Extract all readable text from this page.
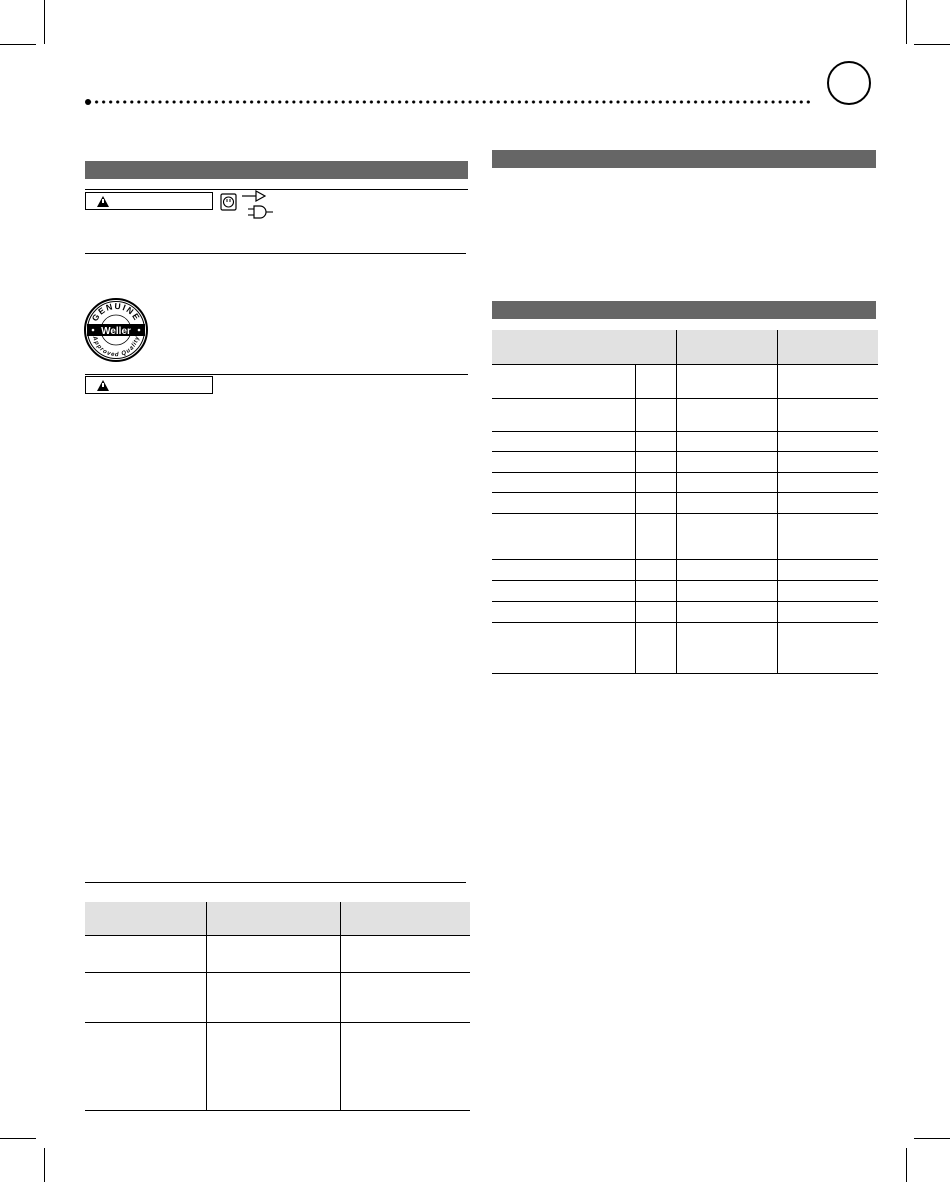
GENUINE
Approved Quality
Weller
